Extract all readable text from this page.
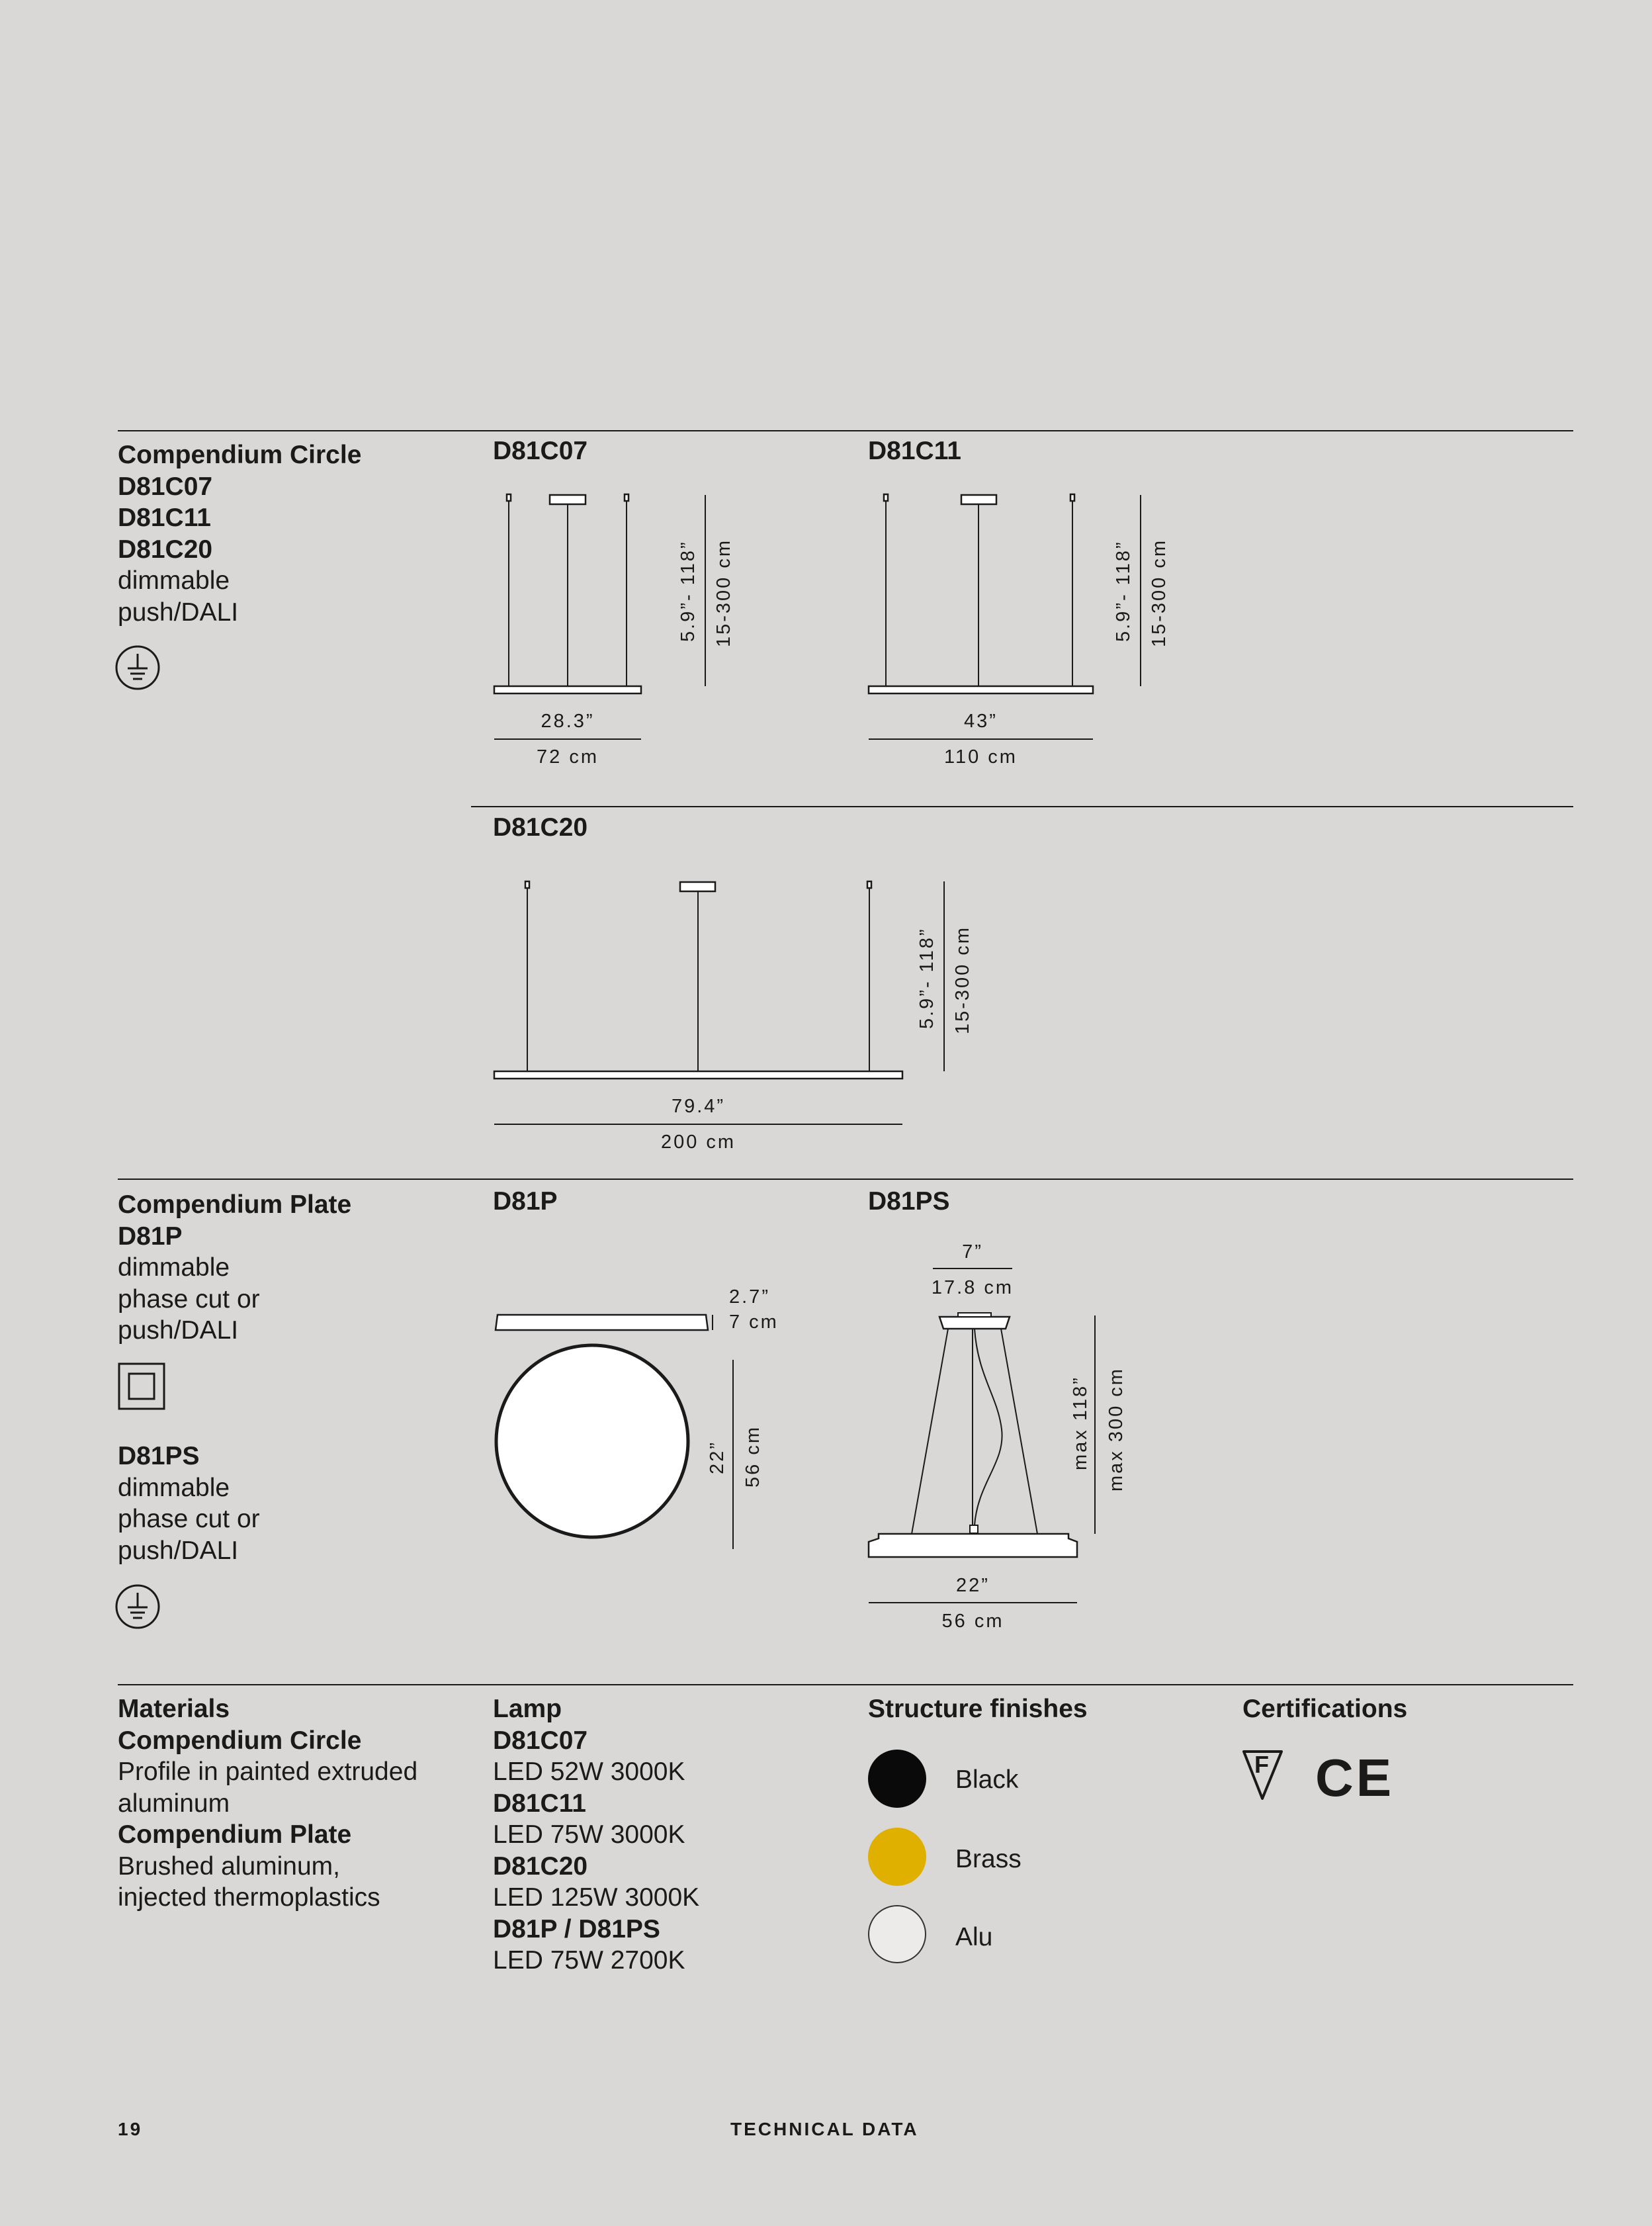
Compendium Circle
D81C07
D81C11
D81C20
dimmable
push/DALI
D81C07
5.9”- 118” 15-300 cm
28.3”
72 cm
D81C11
5.9”- 118” 15-300 cm
43”
110 cm
D81C20
5.9”- 118” 15-300 cm
79.4”
200 cm
Compendium Plate
D81P
dimmable
phase cut or
push/DALI
D81PS
dimmable
phase cut or
push/DALI
D81P
2.7”
7 cm
22” 56 cm
D81PS
7”
17.8 cm
max 118” max 300 cm
22”
56 cm
Materials
Compendium Circle
Profile in painted extruded
aluminum
Compendium Plate
Brushed aluminum,
injected thermoplastics
Lamp
D81C07
LED 52W 3000K
D81C11
LED 75W 3000K
D81C20
LED 125W 3000K
D81P / D81PS
LED 75W 2700K
Structure finishes
Black
Brass
Alu
Certifications
F CE
19	TECHNICAL DATA
